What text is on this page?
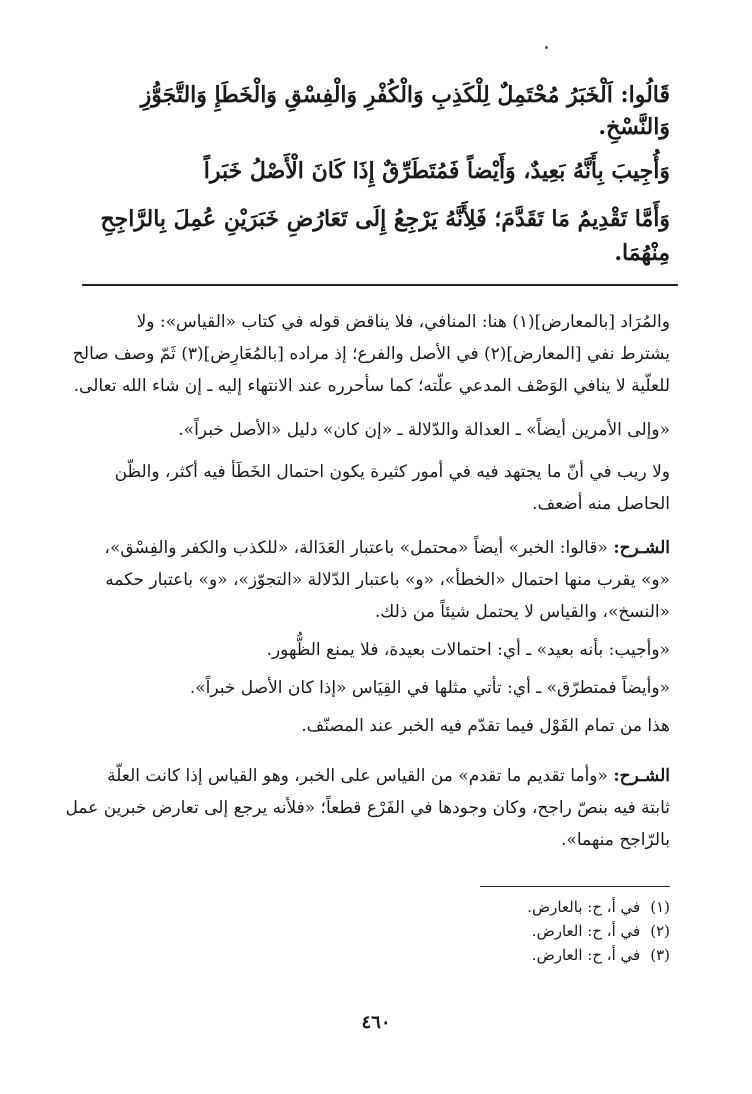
قَالُوا: اَلْخَبَرُ مُحْتَمِلٌ لِلْكَذِبِ وَالْكُفْرِ وَالْفِسْقِ وَالْخَطَإِ وَالتَّجَوُّزِ
وَالنَّسْخِ.
وَأُجِيبَ بِأَنَّهُ بَعِيدٌ، وَأَيْضاً فَمُتَطَرِّقٌ إِذَا كَانَ الْأَصْلُ خَبَراً
وَأَمَّا تَقْدِيمُ مَا تَقَدَّمَ؛ فَلِأَنَّهُ يَرْجِعُ إِلَى تَعَارُضِ خَبَرَيْنِ عُمِلَ بِالرَّاجِحِ
مِنْهُمَا.
والمُرَاد [بالمعارض](١) هنا: المنافي، فلا يناقض قوله في كتاب «القياس»: ولا
يشترط نفي [المعارض](٢) في الأصل والفرع؛ إذ مراده [بالمُعَارِض](٣) ثَمّ وصف صالح
للعلّية لا ينافي الوَصْف المدعي علّته؛ كما سأحرره عند الانتهاء إليه ـ إن شاء الله تعالى.
«وإلى الأمرين أيضاً» ـ العدالة والدّلالة ـ «إن كان» دليل «الأصل خبراً».
ولا ريب في أنّ ما يجتهد فيه في أمور كثيرة يكون احتمال الخَطَأ فيه أكثر، والظّن
الحاصل منه أضعف.
الشـرح: «قالوا: الخبر» أيضاً «محتمل» باعتبار العَدَالة، «للكذب والكفر والفِسْق»،
«و» يقرب منها احتمال «الخطأ»، «و» باعتبار الدّلالة «التجوّز»، «و» باعتبار حكمه
«النسخ»، والقياس لا يحتمل شيئاً من ذلك.
«وأجيب: بأنه بعيد» ـ أي: احتمالات بعيدة، فلا يمنع الظُّهور.
«وأيضاً فمتطرّق» ـ أي: تأتي مثلها في القِيَاس «إذا كان الأصل خبراً».
هذا من تمام القَوْل فيما تقدّم فيه الخبر عند المصنّف.
الشـرح: «وأما تقديم ما تقدم» من القياس على الخبر، وهو القياس إذا كانت العلّة
ثابتة فيه بنصّ راجح، وكان وجودها في الفَرْع قطعاً؛ «فلأنه يرجع إلى تعارض خبرين عمل
بالرّاجح منهما».
(١)في أ، ح: بالعارض.
(٢)في أ، ح: العارض.
(٣)في أ، ح: العارض.
٤٦٠
